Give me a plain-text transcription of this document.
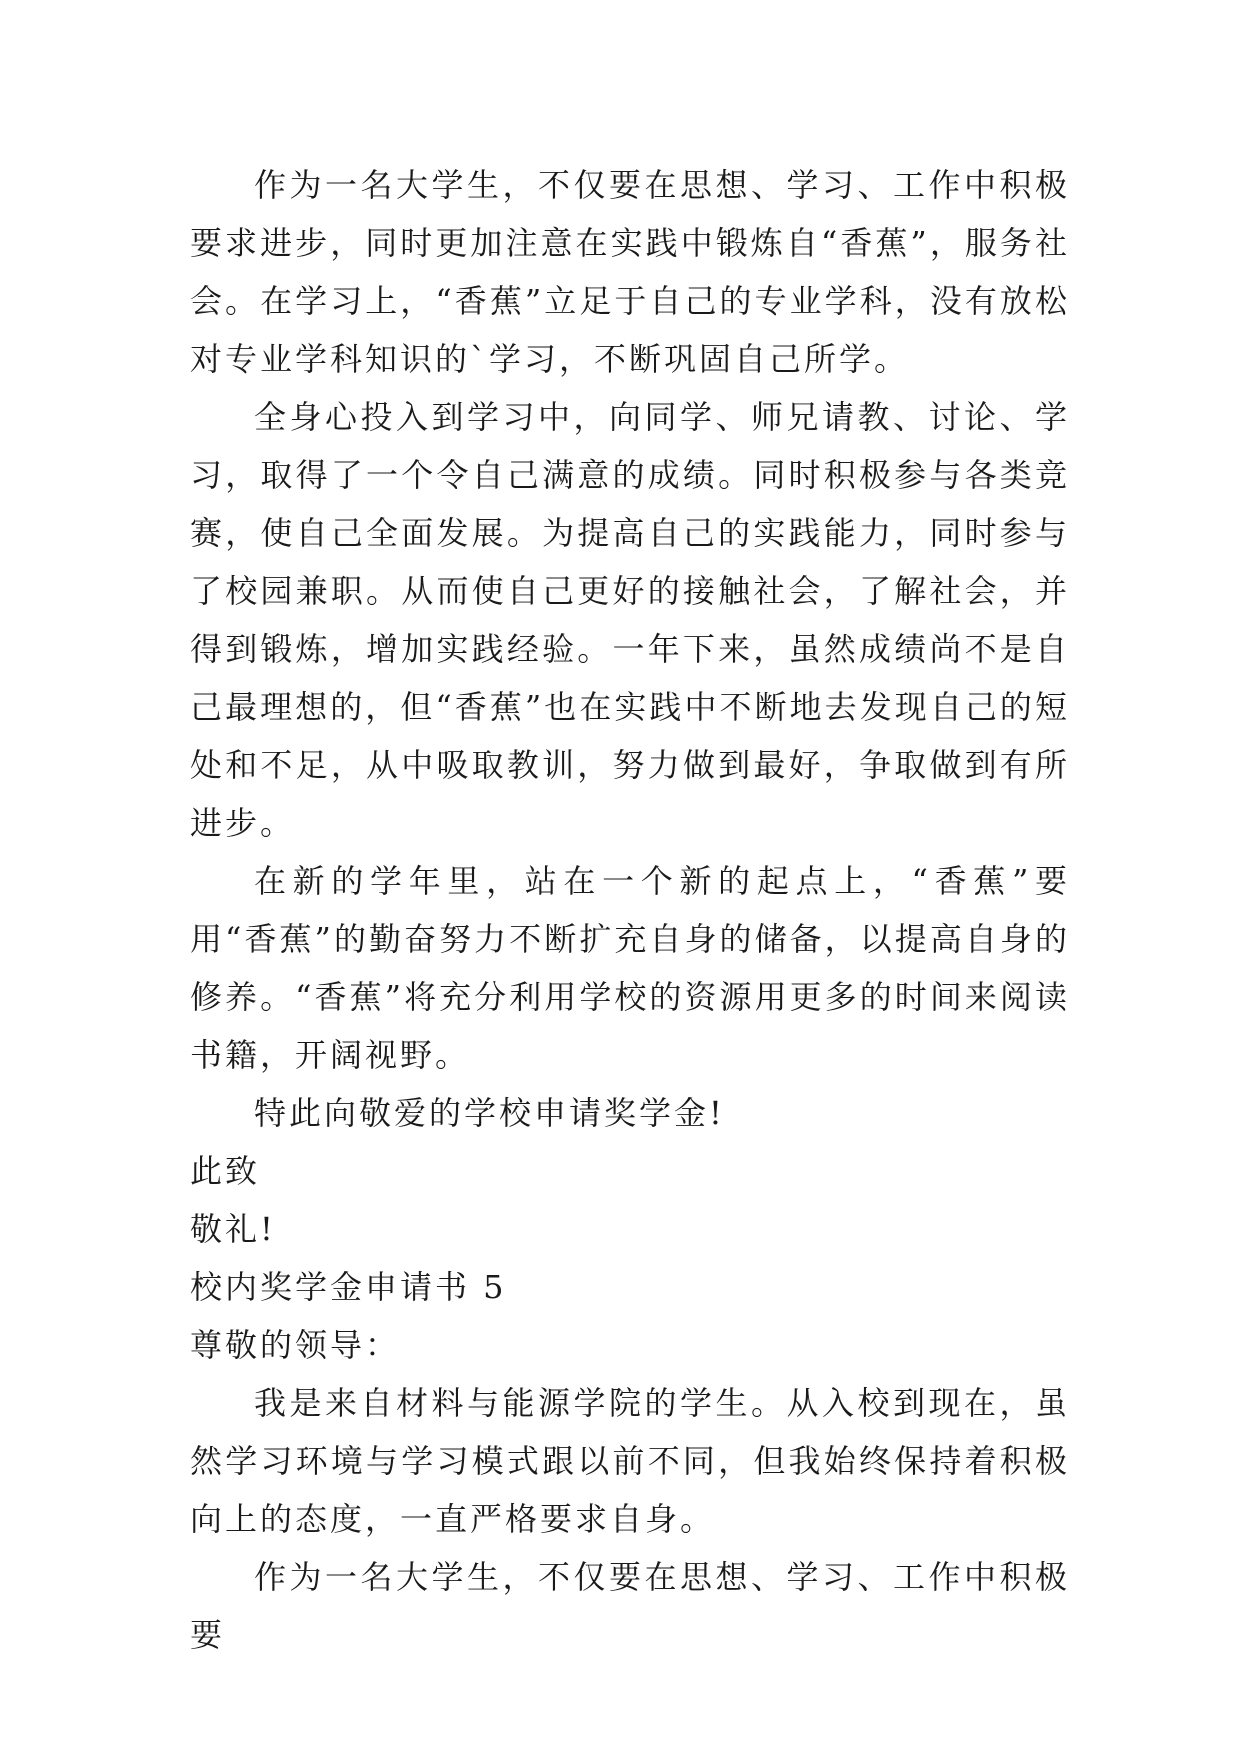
作为一名大学生，不仅要在思想、学习、工作中积极要求进步，同时更加注意在实践中锻炼自“香蕉”，服务社会。在学习上，“香蕉”立足于自己的专业学科，没有放松对专业学科知识的`学习，不断巩固自己所学。

全身心投入到学习中，向同学、师兄请教、讨论、学习，取得了一个令自己满意的成绩。同时积极参与各类竞赛，使自己全面发展。为提高自己的实践能力，同时参与了校园兼职。从而使自己更好的接触社会，了解社会，并得到锻炼，增加实践经验。一年下来，虽然成绩尚不是自己最理想的，但“香蕉”也在实践中不断地去发现自己的短处和不足，从中吸取教训，努力做到最好，争取做到有所进步。

在新的学年里，站在一个新的起点上，“香蕉”要用“香蕉”的勤奋努力不断扩充自身的储备，以提高自身的修养。“香蕉”将充分利用学校的资源用更多的时间来阅读书籍，开阔视野。

特此向敬爱的学校申请奖学金!

此致

敬礼!

校内奖学金申请书 5

尊敬的领导：

我是来自材料与能源学院的学生。从入校到现在，虽然学习环境与学习模式跟以前不同，但我始终保持着积极向上的态度，一直严格要求自身。

作为一名大学生，不仅要在思想、学习、工作中积极要
